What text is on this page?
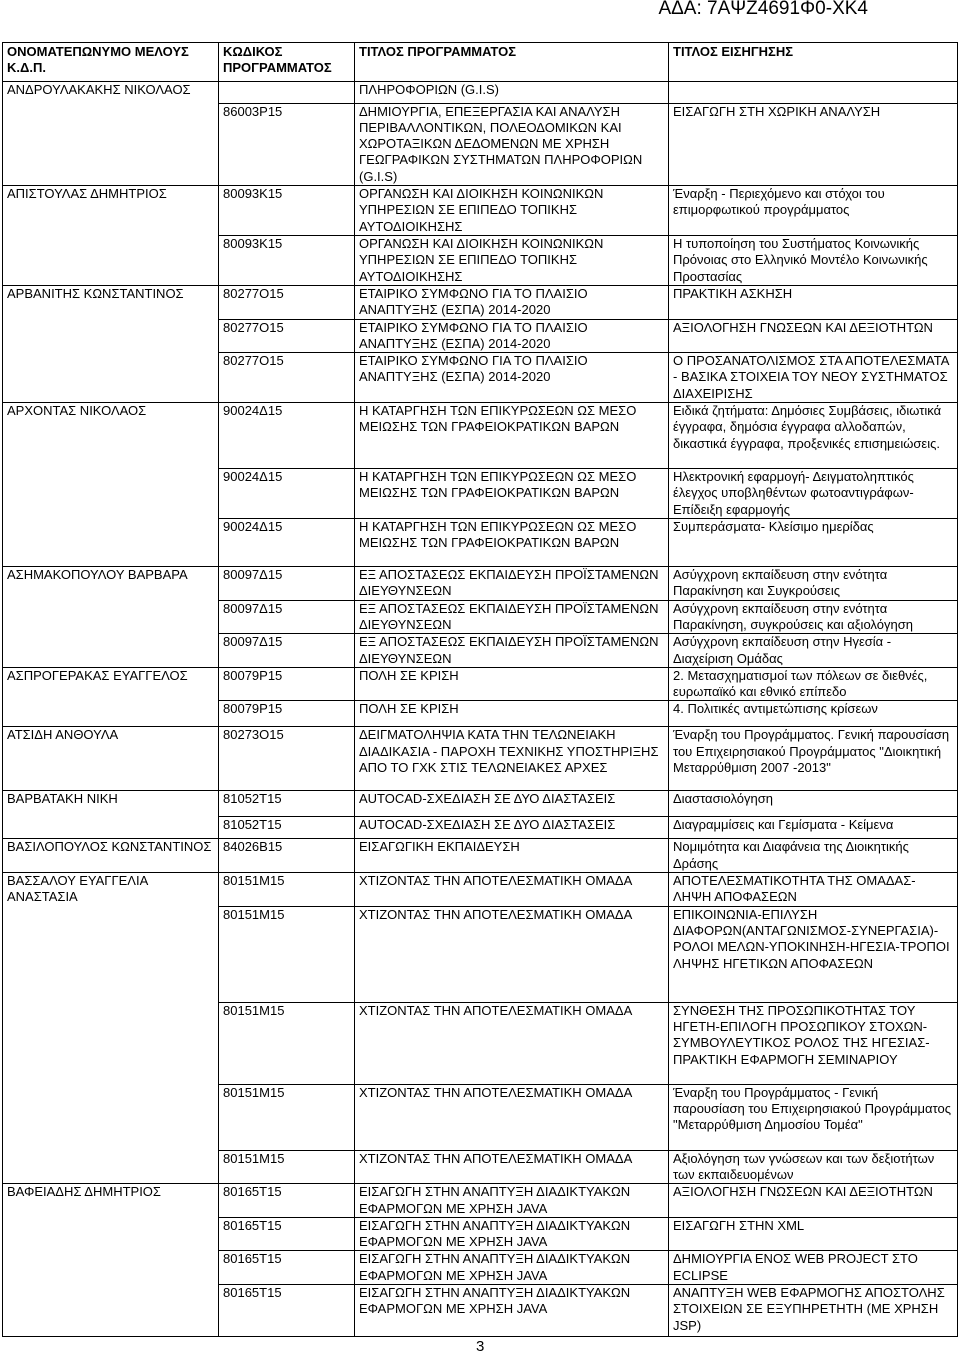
ΑΔΑ: 7ΑΨΖ4691Φ0-ΧΚ4
ΟΝΟΜΑΤΕΠΩΝΥΜΟ ΜΕΛΟΥΣ Κ.Δ.Π.	ΚΩΔΙΚΟΣ ΠΡΟΓΡΑΜΜΑΤΟΣ	ΤΙΤΛΟΣ ΠΡΟΓΡΑΜΜΑΤΟΣ	ΤΙΤΛΟΣ ΕΙΣΗΓΗΣΗΣ
ΑΝΔΡΟΥΛΑΚΑΚΗΣ ΝΙΚΟΛΑΟΣ		ΠΛΗΡΟΦΟΡΙΩΝ (G.I.S)	
	86003Ρ15	ΔΗΜΙΟΥΡΓΙΑ, ΕΠΕΞΕΡΓΑΣΙΑ ΚΑΙ ΑΝΑΛΥΣΗ ΠΕΡΙΒΑΛΛΟΝΤΙΚΩΝ, ΠΟΛΕΟΔΟΜΙΚΩΝ ΚΑΙ ΧΩΡΟΤΑΞΙΚΩΝ ΔΕΔΟΜΕΝΩΝ ΜΕ ΧΡΗΣΗ ΓΕΩΓΡΑΦΙΚΩΝ ΣΥΣΤΗΜΑΤΩΝ ΠΛΗΡΟΦΟΡΙΩΝ (G.I.S)	ΕΙΣΑΓΩΓΗ ΣΤΗ ΧΩΡΙΚΗ ΑΝΑΛΥΣΗ
ΑΠΙΣΤΟΥΛΑΣ ΔΗΜΗΤΡΙΟΣ	80093Κ15	ΟΡΓΑΝΩΣΗ ΚΑΙ ΔΙΟΙΚΗΣΗ ΚΟΙΝΩΝΙΚΩΝ ΥΠΗΡΕΣΙΩΝ ΣΕ ΕΠΙΠΕΔΟ ΤΟΠΙΚΗΣ ΑΥΤΟΔΙΟΙΚΗΣΗΣ	Έναρξη - Περιεχόμενο και στόχοι του επιμορφωτικού προγράμματος
	80093Κ15	ΟΡΓΑΝΩΣΗ ΚΑΙ ΔΙΟΙΚΗΣΗ ΚΟΙΝΩΝΙΚΩΝ ΥΠΗΡΕΣΙΩΝ ΣΕ ΕΠΙΠΕΔΟ ΤΟΠΙΚΗΣ ΑΥΤΟΔΙΟΙΚΗΣΗΣ	Η τυποποίηση του Συστήματος Κοινωνικής Πρόνοιας στο Ελληνικό Μοντέλο Κοινωνικής Προστασίας
ΑΡΒΑΝΙΤΗΣ ΚΩΝΣΤΑΝΤΙΝΟΣ	80277Ο15	ΕΤΑΙΡΙΚΟ ΣΥΜΦΩΝΟ ΓΙΑ ΤΟ ΠΛΑΙΣΙΟ ΑΝΑΠΤΥΞΗΣ (ΕΣΠΑ) 2014-2020	ΠΡΑΚΤΙΚΗ ΑΣΚΗΣΗ
	80277Ο15	ΕΤΑΙΡΙΚΟ ΣΥΜΦΩΝΟ ΓΙΑ ΤΟ ΠΛΑΙΣΙΟ ΑΝΑΠΤΥΞΗΣ (ΕΣΠΑ) 2014-2020	ΑΞΙΟΛΟΓΗΣΗ ΓΝΩΣΕΩΝ ΚΑΙ ΔΕΞΙΟΤΗΤΩΝ
	80277Ο15	ΕΤΑΙΡΙΚΟ ΣΥΜΦΩΝΟ ΓΙΑ ΤΟ ΠΛΑΙΣΙΟ ΑΝΑΠΤΥΞΗΣ (ΕΣΠΑ) 2014-2020	Ο ΠΡΟΣΑΝΑΤΟΛΙΣΜΟΣ ΣΤΑ ΑΠΟΤΕΛΕΣΜΑΤΑ - ΒΑΣΙΚΑ ΣΤΟΙΧΕΙΑ ΤΟΥ ΝΕΟΥ ΣΥΣΤΗΜΑΤΟΣ ΔΙΑΧΕΙΡΙΣΗΣ
ΑΡΧΟΝΤΑΣ ΝΙΚΟΛΑΟΣ	90024Δ15	Η ΚΑΤΑΡΓΗΣΗ ΤΩΝ ΕΠΙΚΥΡΩΣΕΩΝ ΩΣ ΜΕΣΟ ΜΕΙΩΣΗΣ ΤΩΝ ΓΡΑΦΕΙΟΚΡΑΤΙΚΩΝ ΒΑΡΩΝ	Ειδικά ζητήματα: Δημόσιες Συμβάσεις, ιδιωτικά έγγραφα, δημόσια έγγραφα αλλοδαπών, δικαστικά έγγραφα, προξενικές επισημειώσεις.
	90024Δ15	Η ΚΑΤΑΡΓΗΣΗ ΤΩΝ ΕΠΙΚΥΡΩΣΕΩΝ ΩΣ ΜΕΣΟ ΜΕΙΩΣΗΣ ΤΩΝ ΓΡΑΦΕΙΟΚΡΑΤΙΚΩΝ ΒΑΡΩΝ	Ηλεκτρονική εφαρμογή- Δειγματοληπτικός έλεγχος υποβληθέντων φωτοαντιγράφων- Επίδειξη εφαρμογής
	90024Δ15	Η ΚΑΤΑΡΓΗΣΗ ΤΩΝ ΕΠΙΚΥΡΩΣΕΩΝ ΩΣ ΜΕΣΟ ΜΕΙΩΣΗΣ ΤΩΝ ΓΡΑΦΕΙΟΚΡΑΤΙΚΩΝ ΒΑΡΩΝ	Συμπεράσματα- Κλείσιμο ημερίδας
ΑΣΗΜΑΚΟΠΟΥΛΟΥ ΒΑΡΒΑΡΑ	80097Δ15	ΕΞ ΑΠΟΣΤΑΣΕΩΣ ΕΚΠΑΙΔΕΥΣΗ ΠΡΟΪΣΤΑΜΕΝΩΝ ΔΙΕΥΘΥΝΣΕΩΝ	Ασύγχρονη εκπαίδευση στην ενότητα Παρακίνηση και Συγκρούσεις
	80097Δ15	ΕΞ ΑΠΟΣΤΑΣΕΩΣ ΕΚΠΑΙΔΕΥΣΗ ΠΡΟΪΣΤΑΜΕΝΩΝ ΔΙΕΥΘΥΝΣΕΩΝ	Ασύγχρονη εκπαίδευση στην ενότητα Παρακίνηση, συγκρούσεις και αξιολόγηση
	80097Δ15	ΕΞ ΑΠΟΣΤΑΣΕΩΣ ΕΚΠΑΙΔΕΥΣΗ ΠΡΟΪΣΤΑΜΕΝΩΝ ΔΙΕΥΘΥΝΣΕΩΝ	Ασύγχρονη εκπαίδευση στην Ηγεσία - Διαχείριση Ομάδας
ΑΣΠΡΟΓΕΡΑΚΑΣ ΕΥΑΓΓΕΛΟΣ	80079Ρ15	ΠΟΛΗ ΣΕ ΚΡΙΣΗ	2. Μετασχηματισμοί των πόλεων σε διεθνές, ευρωπαϊκό και εθνικό επίπεδο
	80079Ρ15	ΠΟΛΗ ΣΕ ΚΡΙΣΗ	4. Πολιτικές αντιμετώπισης κρίσεων
ΑΤΣΙΔΗ ΑΝΘΟΥΛΑ	80273Ο15	ΔΕΙΓΜΑΤΟΛΗΨΙΑ ΚΑΤΑ ΤΗΝ ΤΕΛΩΝΕΙΑΚΗ ΔΙΑΔΙΚΑΣΙΑ - ΠΑΡΟΧΗ ΤΕΧΝΙΚΗΣ ΥΠΟΣΤΗΡΙΞΗΣ ΑΠΟ ΤΟ ΓΧΚ ΣΤΙΣ ΤΕΛΩΝΕΙΑΚΕΣ ΑΡΧΕΣ	Έναρξη του Προγράμματος. Γενική παρουσίαση του Επιχειρησιακού Προγράμματος "Διοικητική Μεταρρύθμιση 2007 -2013"
ΒΑΡΒΑΤΑΚΗ ΝΙΚΗ	81052Τ15	AUTOCAD-ΣΧΕΔΙΑΣΗ ΣΕ ΔΥΟ ΔΙΑΣΤΑΣΕΙΣ	Διαστασιολόγηση
	81052Τ15	AUTOCAD-ΣΧΕΔΙΑΣΗ ΣΕ ΔΥΟ ΔΙΑΣΤΑΣΕΙΣ	Διαγραμμίσεις και Γεμίσματα - Κείμενα
ΒΑΣΙΛΟΠΟΥΛΟΣ ΚΩΝΣΤΑΝΤΙΝΟΣ	84026Β15	ΕΙΣΑΓΩΓΙΚΗ ΕΚΠΑΙΔΕΥΣΗ	Νομιμότητα και Διαφάνεια της Διοικητικής Δράσης
ΒΑΣΣΑΛΟΥ ΕΥΑΓΓΕΛΙΑ ΑΝΑΣΤΑΣΙΑ	80151Μ15	ΧΤΙΖΟΝΤΑΣ ΤΗΝ ΑΠΟΤΕΛΕΣΜΑΤΙΚΗ ΟΜΑΔΑ	ΑΠΟΤΕΛΕΣΜΑΤΙΚΟΤΗΤΑ ΤΗΣ ΟΜΑΔΑΣ-ΛΗΨΗ ΑΠΟΦΑΣΕΩΝ
	80151Μ15	ΧΤΙΖΟΝΤΑΣ ΤΗΝ ΑΠΟΤΕΛΕΣΜΑΤΙΚΗ ΟΜΑΔΑ	ΕΠΙΚΟΙΝΩΝΙΑ-ΕΠΙΛΥΣΗ ΔΙΑΦΟΡΩΝ(ΑΝΤΑΓΩΝΙΣΜΟΣ-ΣΥΝΕΡΓΑΣΙΑ)-ΡΟΛΟΙ ΜΕΛΩΝ-ΥΠΟΚΙΝΗΣΗ-ΗΓΕΣΙΑ-ΤΡΟΠΟΙ ΛΗΨΗΣ ΗΓΕΤΙΚΩΝ ΑΠΟΦΑΣΕΩΝ
	80151Μ15	ΧΤΙΖΟΝΤΑΣ ΤΗΝ ΑΠΟΤΕΛΕΣΜΑΤΙΚΗ ΟΜΑΔΑ	ΣΥΝΘΕΣΗ ΤΗΣ ΠΡΟΣΩΠΙΚΟΤΗΤΑΣ ΤΟΥ ΗΓΕΤΗ-ΕΠΙΛΟΓΗ ΠΡΟΣΩΠΙΚΟΥ ΣΤΟΧΩΝ-ΣΥΜΒΟΥΛΕΥΤΙΚΟΣ ΡΟΛΟΣ ΤΗΣ ΗΓΕΣΙΑΣ-ΠΡΑΚΤΙΚΗ ΕΦΑΡΜΟΓΗ ΣΕΜΙΝΑΡΙΟΥ
	80151Μ15	ΧΤΙΖΟΝΤΑΣ ΤΗΝ ΑΠΟΤΕΛΕΣΜΑΤΙΚΗ ΟΜΑΔΑ	Έναρξη του Προγράμματος - Γενική παρουσίαση του Επιχειρησιακού Προγράμματος "Μεταρρύθμιση Δημοσίου Τομέα"
	80151Μ15	ΧΤΙΖΟΝΤΑΣ ΤΗΝ ΑΠΟΤΕΛΕΣΜΑΤΙΚΗ ΟΜΑΔΑ	Αξιολόγηση των γνώσεων και των δεξιοτήτων των εκπαιδευομένων
ΒΑΦΕΙΑΔΗΣ ΔΗΜΗΤΡΙΟΣ	80165Τ15	ΕΙΣΑΓΩΓΗ ΣΤΗΝ ΑΝΑΠΤΥΞΗ ΔΙΑΔΙΚΤΥΑΚΩΝ ΕΦΑΡΜΟΓΩΝ ΜΕ ΧΡΗΣΗ JAVA	ΑΞΙΟΛΟΓΗΣΗ ΓΝΩΣΕΩΝ ΚΑΙ ΔΕΞΙΟΤΗΤΩΝ
	80165Τ15	ΕΙΣΑΓΩΓΗ ΣΤΗΝ ΑΝΑΠΤΥΞΗ ΔΙΑΔΙΚΤΥΑΚΩΝ ΕΦΑΡΜΟΓΩΝ ΜΕ ΧΡΗΣΗ JAVA	ΕΙΣΑΓΩΓΗ ΣΤΗΝ XML
	80165Τ15	ΕΙΣΑΓΩΓΗ ΣΤΗΝ ΑΝΑΠΤΥΞΗ ΔΙΑΔΙΚΤΥΑΚΩΝ ΕΦΑΡΜΟΓΩΝ ΜΕ ΧΡΗΣΗ JAVA	ΔΗΜΙΟΥΡΓΙΑ ΕΝΟΣ WEB PROJECT ΣΤΟ ECLIPSE
	80165Τ15	ΕΙΣΑΓΩΓΗ ΣΤΗΝ ΑΝΑΠΤΥΞΗ ΔΙΑΔΙΚΤΥΑΚΩΝ ΕΦΑΡΜΟΓΩΝ ΜΕ ΧΡΗΣΗ JAVA	ΑΝΑΠΤΥΞΗ WEB ΕΦΑΡΜΟΓΗΣ ΑΠΟΣΤΟΛΗΣ ΣΤΟΙΧΕΙΩΝ ΣΕ ΕΞΥΠΗΡΕΤΗΤΗ (ΜΕ ΧΡΗΣΗ JSP)
3
